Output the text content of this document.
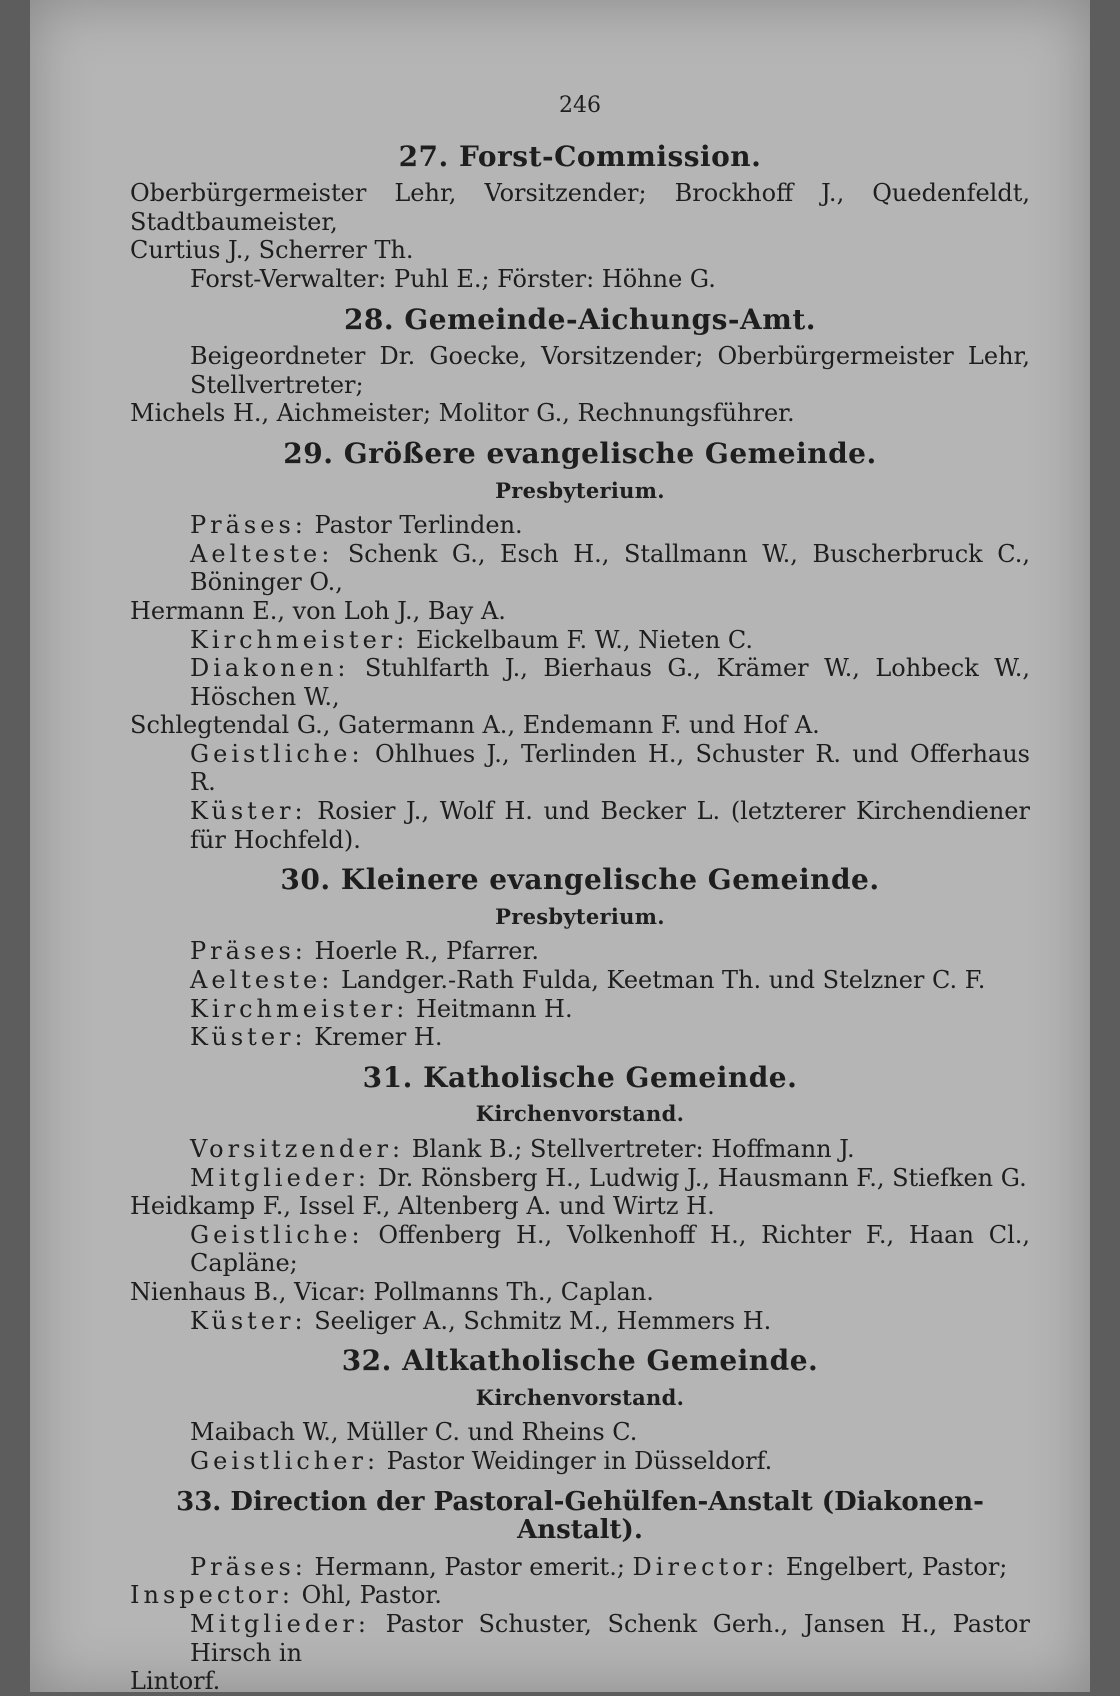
246
27. Forst-Commission.
Oberbürgermeister Lehr, Vorsitzender; Brockhoff J., Quedenfeldt, Stadtbaumeister,
Curtius J., Scherrer Th.
Forst-Verwalter: Puhl E.; Förster: Höhne G.
28. Gemeinde-Aichungs-Amt.
Beigeordneter Dr. Goecke, Vorsitzender; Oberbürgermeister Lehr, Stellvertreter;
Michels H., Aichmeister; Molitor G., Rechnungsführer.
29. Größere evangelische Gemeinde.
Presbyterium.
Präses: Pastor Terlinden.
Aelteste: Schenk G., Esch H., Stallmann W., Buscherbruck C., Böninger O.,
Hermann E., von Loh J., Bay A.
Kirchmeister: Eickelbaum F. W., Nieten C.
Diakonen: Stuhlfarth J., Bierhaus G., Krämer W., Lohbeck W., Höschen W.,
Schlegtendal G., Gatermann A., Endemann F. und Hof A.
Geistliche: Ohlhues J., Terlinden H., Schuster R. und Offerhaus R.
Küster: Rosier J., Wolf H. und Becker L. (letzterer Kirchendiener für Hochfeld).
30. Kleinere evangelische Gemeinde.
Presbyterium.
Präses: Hoerle R., Pfarrer.
Aelteste: Landger.-Rath Fulda, Keetman Th. und Stelzner C. F.
Kirchmeister: Heitmann H.
Küster: Kremer H.
31. Katholische Gemeinde.
Kirchenvorstand.
Vorsitzender: Blank B.; Stellvertreter: Hoffmann J.
Mitglieder: Dr. Rönsberg H., Ludwig J., Hausmann F., Stiefken G.
Heidkamp F., Issel F., Altenberg A. und Wirtz H.
Geistliche: Offenberg H., Volkenhoff H., Richter F., Haan Cl., Capläne;
Nienhaus B., Vicar: Pollmanns Th., Caplan.
Küster: Seeliger A., Schmitz M., Hemmers H.
32. Altkatholische Gemeinde.
Kirchenvorstand.
Maibach W., Müller C. und Rheins C.
Geistlicher: Pastor Weidinger in Düsseldorf.
33. Direction der Pastoral-Gehülfen-Anstalt (Diakonen-Anstalt).
Präses: Hermann, Pastor emerit.; Director: Engelbert, Pastor;
Inspector: Ohl, Pastor.
Mitglieder: Pastor Schuster, Schenk Gerh., Jansen H., Pastor Hirsch in
Lintorf.
